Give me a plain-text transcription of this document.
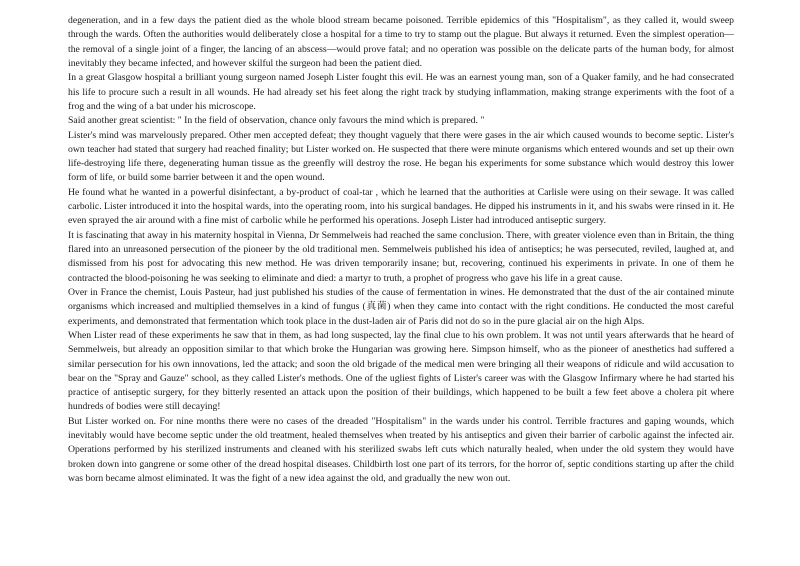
degeneration, and in a few days the patient died as the whole blood stream became poisoned. Terrible epidemics of this "Hospitalism", as they called it, would sweep through the wards. Often the authorities would deliberately close a hospital for a time to try to stamp out the plague. But always it returned. Even the simplest operation—the removal of a single joint of a finger, the lancing of an abscess—would prove fatal; and no operation was possible on the delicate parts of the human body, for almost inevitably they became infected, and however skilful the surgeon had been the patient died.

In a great Glasgow hospital a brilliant young surgeon named Joseph Lister fought this evil. He was an earnest young man, son of a Quaker family, and he had consecrated his life to procure such a result in all wounds. He had already set his feet along the right track by studying inflammation, making strange experiments with the foot of a frog and the wing of a bat under his microscope.

Said another great scientist: " In the field of observation, chance only favours the mind which is prepared. "

Lister's mind was marvelously prepared. Other men accepted defeat; they thought vaguely that there were gases in the air which caused wounds to become septic. Lister's own teacher had stated that surgery had reached finality; but Lister worked on. He suspected that there were minute organisms which entered wounds and set up their own life-destroying life there, degenerating human tissue as the greenfly will destroy the rose. He began his experiments for some substance which would destroy this lower form of life, or build some barrier between it and the open wound.

He found what he wanted in a powerful disinfectant, a by-product of coal-tar , which he learned that the authorities at Carlisle were using on their sewage. It was called carbolic. Lister introduced it into the hospital wards, into the operating room, into his surgical bandages. He dipped his instruments in it, and his swabs were rinsed in it. He even sprayed the air around with a fine mist of carbolic while he performed his operations. Joseph Lister had introduced antiseptic surgery.

It is fascinating that away in his maternity hospital in Vienna, Dr Semmelweis had reached the same conclusion. There, with greater violence even than in Britain, the thing flared into an unreasoned persecution of the pioneer by the old traditional men. Semmelweis published his idea of antiseptics; he was persecuted, reviled, laughed at, and dismissed from his post for advocating this new method. He was driven temporarily insane; but, recovering, continued his experiments in private. In one of them he contracted the blood-poisoning he was seeking to eliminate and died: a martyr to truth, a prophet of progress who gave his life in a great cause.

Over in France the chemist, Louis Pasteur, had just published his studies of the cause of fermentation in wines. He demonstrated that the dust of the air contained minute organisms which increased and multiplied themselves in a kind of fungus (真菌) when they came into contact with the right conditions. He conducted the most careful experiments, and demonstrated that fermentation which took place in the dust-laden air of Paris did not do so in the pure glacial air on the high Alps.

When Lister read of these experiments he saw that in them, as had long suspected, lay the final clue to his own problem. It was not until years afterwards that he heard of Semmelweis, but already an opposition similar to that which broke the Hungarian was growing here. Simpson himself, who as the pioneer of anesthetics had suffered a similar persecution for his own innovations, led the attack; and soon the old brigade of the medical men were bringing all their weapons of ridicule and wild accusation to bear on the "Spray and Gauze" school, as they called Lister's methods. One of the ugliest fights of Lister's career was with the Glasgow Infirmary where he had started his practice of antiseptic surgery, for they bitterly resented an attack upon the position of their buildings, which happened to be built a few feet above a cholera pit where hundreds of bodies were still decaying!

But Lister worked on. For nine months there were no cases of the dreaded "Hospitalism" in the wards under his control. Terrible fractures and gaping wounds, which inevitably would have become septic under the old treatment, healed themselves when treated by his antiseptics and given their barrier of carbolic against the infected air. Operations performed by his sterilized instruments and cleaned with his sterilized swabs left cuts which naturally healed, when under the old system they would have broken down into gangrene or some other of the dread hospital diseases. Childbirth lost one part of its terrors, for the horror of, septic conditions starting up after the child was born became almost eliminated. It was the fight of a new idea against the old, and gradually the new won out.
